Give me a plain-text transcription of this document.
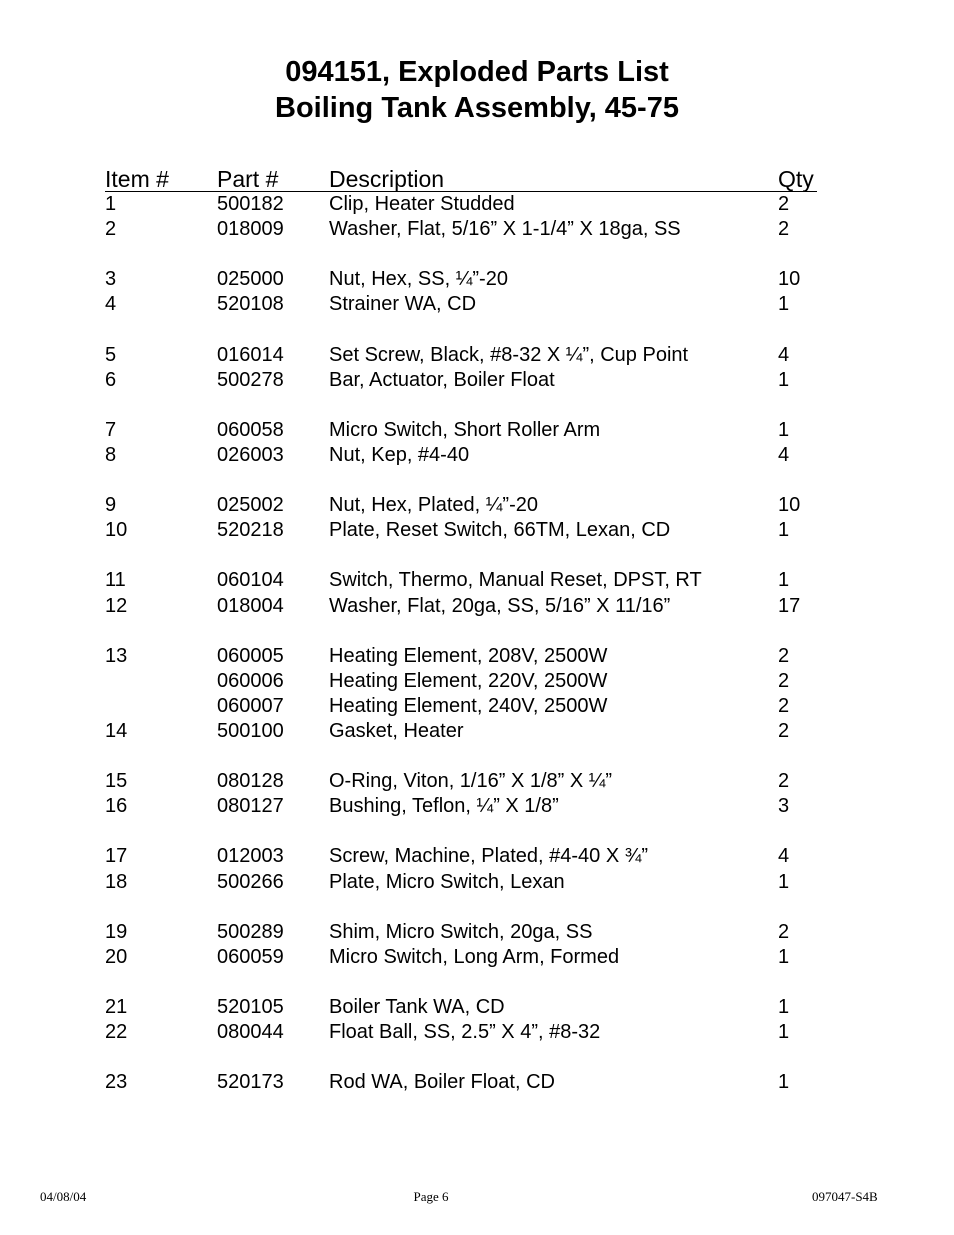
094151, Exploded Parts List
Boiling Tank Assembly, 45-75
Item # Part # Description	Qty
1	500182 Clip, Heater Studded	2
2	018009 Washer, Flat, 5/16” X 1-1/4” X 18ga, SS	2
3	025000 Nut, Hex, SS, ¼”-20	10
4	520108 Strainer WA, CD	1
5	016014 Set Screw, Black, #8-32 X ¼”, Cup Point	4
6	500278 Bar, Actuator, Boiler Float	1
7	060058 Micro Switch, Short Roller Arm	1
8	026003 Nut, Kep, #4-40	4
9	025002 Nut, Hex, Plated, ¼”-20	10
10	520218 Plate, Reset Switch, 66TM, Lexan, CD	1
11	060104 Switch, Thermo, Manual Reset, DPST, RT	1
12	018004 Washer, Flat, 20ga, SS, 5/16” X 11/16”	17
13	060005 Heating Element, 208V, 2500W	2
060006 Heating Element, 220V, 2500W	2
060007 Heating Element, 240V, 2500W	2
14	500100 Gasket, Heater	2
15	080128 O-Ring, Viton, 1/16” X 1/8” X ¼”	2
16	080127 Bushing, Teflon, ¼” X 1/8”	3
17	012003 Screw, Machine, Plated, #4-40 X ¾”	4
18	500266 Plate, Micro Switch, Lexan	1
19	500289 Shim, Micro Switch, 20ga, SS	2
20	060059 Micro Switch, Long Arm, Formed	1
21	520105 Boiler Tank WA, CD	1
22	080044 Float Ball, SS, 2.5” X 4”, #8-32	1
23	520173 Rod WA, Boiler Float, CD	1
04/08/04	Page 6	097047-S4B
